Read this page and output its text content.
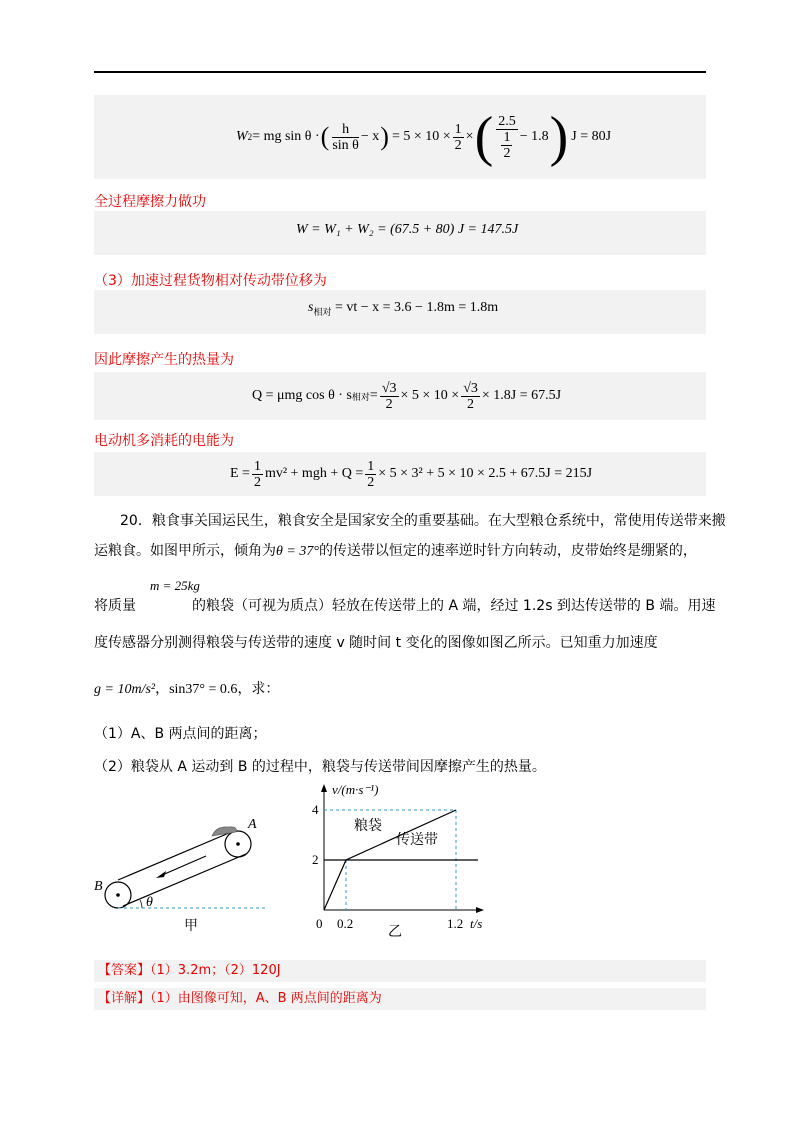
W 2 = mg sin θ · ( $\frac{h}{\text{sin θ}} - x$ ) = $5 \times 10 \times \frac{1}{2}$ × ( $\frac{2.5}{\frac{1}{2}} - 1.8$ ) J = 80J
全过程摩擦力做功
W = W₁ + W₂ = (67.5 + 80) J = 147.5J
（3）加速过程货物相对传动带位移为
$s_{相对}$ = vt − x = 3.6 − 1.8m = 1.8m
因此摩擦产生的热量为
Q = μmg cos θ · s 相对 = $\frac{√3}{2} \times 5 \times 10 \times \frac{√3}{2} \times 1.8J = 67.5J$
电动机多消耗的电能为
$E = \frac{1}{2} mv^2$ + mgh + $Q = \frac{1}{2} \times 5 \times 3^2 + 5 \times 10 \times 2.5 + 67.5J = 215J$
20．粮食事关国运民生，粮食安全是国家安全的重要基础。在大型粮仓系统中，常使用传送带来搬
运粮食。如图甲所示，倾角为θ = 37°的传送带以恒定的速率逆时针方向转动，皮带始终是绷紧的，
m = 25kg
将质量	的粮袋（可视为质点）轻放在传送带上的 A 端，经过 1.2s 到达传送带的 B 端。用速
度传感器分别测得粮袋与传送带的速度 v 随时间 t 变化的图像如图乙所示。已知重力加速度
g = 10m/s²，sin37° = 0.6，求：
（1）A、B 两点间的距离；
（2）粮袋从 A 运动到 B 的过程中，粮袋与传送带间因摩擦产生的热量。
A
B
θ
甲
v/(m·s⁻¹)
t/s
0
4
2
0.2	1.2
粮袋
传送带
乙
【答案】（1）3.2m；（2）120J
【详解】（1）由图像可知，A、B 两点间的距离为
